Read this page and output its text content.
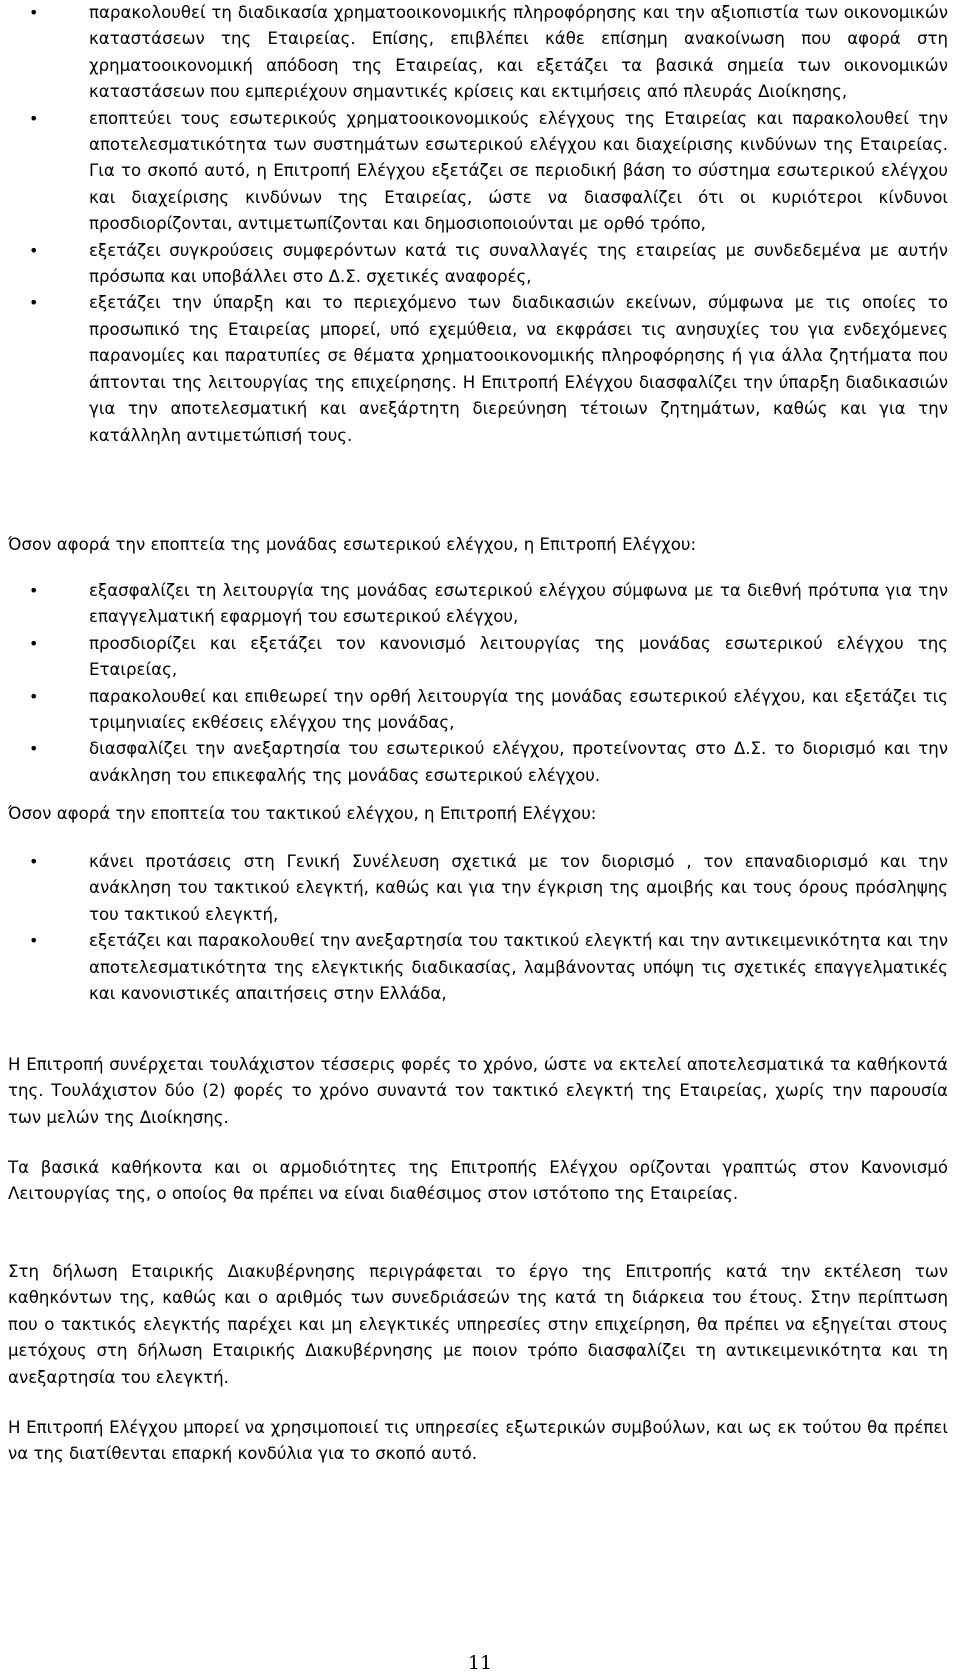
•	παρακολουθεί τη διαδικασία χρηματοοικονομικής πληροφόρησης και την αξιοπιστία των οικονομικών καταστάσεων της Εταιρείας. Επίσης, επιβλέπει κάθε επίσημη ανακοίνωση που αφορά στη χρηματοοικονομική απόδοση της Εταιρείας, και εξετάζει τα βασικά σημεία των οικονομικών καταστάσεων που εμπεριέχουν σημαντικές κρίσεις και εκτιμήσεις από πλευράς Διοίκησης,
•	εποπτεύει τους εσωτερικούς χρηματοοικονομικούς ελέγχους της Εταιρείας και παρακολουθεί την αποτελεσματικότητα των συστημάτων εσωτερικού ελέγχου και διαχείρισης κινδύνων της Εταιρείας. Για το σκοπό αυτό, η Επιτροπή Ελέγχου εξετάζει σε περιοδική βάση το σύστημα εσωτερικού ελέγχου και διαχείρισης κινδύνων της Εταιρείας, ώστε να διασφαλίζει ότι οι κυριότεροι κίνδυνοι προσδιορίζονται, αντιμετωπίζονται και δημοσιοποιούνται με ορθό τρόπο,
•	εξετάζει συγκρούσεις συμφερόντων κατά τις συναλλαγές της εταιρείας με συνδεδεμένα με αυτήν πρόσωπα και υποβάλλει στο Δ.Σ. σχετικές αναφορές,
•	εξετάζει την ύπαρξη και το περιεχόμενο των διαδικασιών εκείνων, σύμφωνα με τις οποίες το προσωπικό της Εταιρείας μπορεί, υπό εχεμύθεια, να εκφράσει τις ανησυχίες του για ενδεχόμενες παρανομίες και παρατυπίες σε θέματα χρηματοοικονομικής πληροφόρησης ή για άλλα ζητήματα που άπτονται της λειτουργίας της επιχείρησης. Η Επιτροπή Ελέγχου διασφαλίζει την ύπαρξη διαδικασιών για την αποτελεσματική και ανεξάρτητη διερεύνηση τέτοιων ζητημάτων, καθώς και για την κατάλληλη αντιμετώπισή τους.

Όσον αφορά την εποπτεία της μονάδας εσωτερικού ελέγχου, η Επιτροπή Ελέγχου:

•	εξασφαλίζει τη λειτουργία της μονάδας εσωτερικού ελέγχου σύμφωνα με τα διεθνή πρότυπα για την επαγγελματική εφαρμογή του εσωτερικού ελέγχου,
•	προσδιορίζει και εξετάζει τον κανονισμό λειτουργίας της μονάδας εσωτερικού ελέγχου της Εταιρείας,
•	παρακολουθεί και επιθεωρεί την ορθή λειτουργία της μονάδας εσωτερικού ελέγχου, και εξετάζει τις τριμηνιαίες εκθέσεις ελέγχου της μονάδας,
•	διασφαλίζει την ανεξαρτησία του εσωτερικού ελέγχου, προτείνοντας στο Δ.Σ. το διορισμό και την ανάκληση του επικεφαλής της μονάδας εσωτερικού ελέγχου.

Όσον αφορά την εποπτεία του τακτικού ελέγχου, η Επιτροπή Ελέγχου:

•	κάνει προτάσεις στη Γενική Συνέλευση σχετικά με τον διορισμό , τον επαναδιορισμό και την ανάκληση του τακτικού ελεγκτή, καθώς και για την έγκριση της αμοιβής και τους όρους πρόσληψης του τακτικού ελεγκτή,
•	εξετάζει και παρακολουθεί την ανεξαρτησία του τακτικού ελεγκτή και την αντικειμενικότητα και την αποτελεσματικότητα της ελεγκτικής διαδικασίας, λαμβάνοντας υπόψη τις σχετικές επαγγελματικές και κανονιστικές απαιτήσεις στην Ελλάδα,

Η Επιτροπή συνέρχεται τουλάχιστον τέσσερις φορές το χρόνο, ώστε να εκτελεί αποτελεσματικά τα καθήκοντά της. Τουλάχιστον δύο (2) φορές το χρόνο συναντά τον τακτικό ελεγκτή της Εταιρείας, χωρίς την παρουσία των μελών της Διοίκησης.

Τα βασικά καθήκοντα και οι αρμοδιότητες της Επιτροπής Ελέγχου ορίζονται γραπτώς στον Κανονισμό Λειτουργίας της, ο οποίος θα πρέπει να είναι διαθέσιμος στον ιστότοπο της Εταιρείας.

Στη δήλωση Εταιρικής Διακυβέρνησης περιγράφεται το έργο της Επιτροπής κατά την εκτέλεση των καθηκόντων της, καθώς και ο αριθμός των συνεδριάσεών της κατά τη διάρκεια του έτους. Στην περίπτωση που ο τακτικός ελεγκτής παρέχει και μη ελεγκτικές υπηρεσίες στην επιχείρηση, θα πρέπει να εξηγείται στους μετόχους στη δήλωση Εταιρικής Διακυβέρνησης με ποιον τρόπο διασφαλίζει τη αντικειμενικότητα και τη ανεξαρτησία του ελεγκτή.

Η Επιτροπή Ελέγχου μπορεί να χρησιμοποιεί τις υπηρεσίες εξωτερικών συμβούλων, και ως εκ τούτου θα πρέπει να της διατίθενται επαρκή κονδύλια για το σκοπό αυτό.

11
